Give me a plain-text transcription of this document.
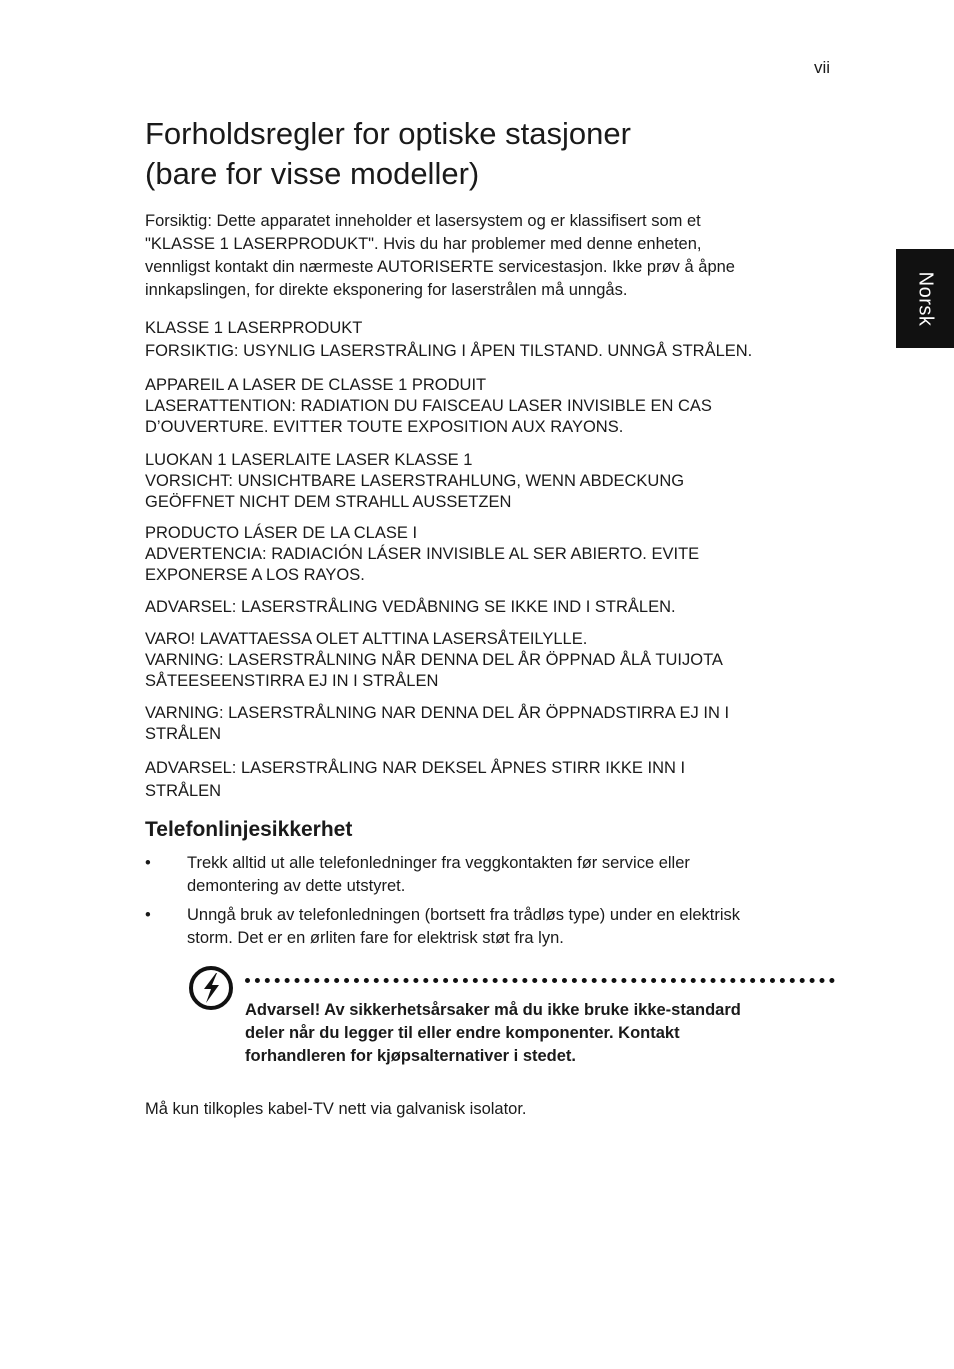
vii
Norsk
Forholdsregler for optiske stasjoner
(bare for visse modeller)

Forsiktig: Dette apparatet inneholder et lasersystem og er klassifisert som et
"KLASSE 1 LASERPRODUKT". Hvis du har problemer med denne enheten,
vennligst kontakt din nærmeste AUTORISERTE servicestasjon. Ikke prøv å åpne
innkapslingen, for direkte eksponering for laserstrålen må unngås.

KLASSE 1 LASERPRODUKT
FORSIKTIG: USYNLIG LASERSTRÅLING I ÅPEN TILSTAND. UNNGÅ STRÅLEN.

APPAREIL A LASER DE CLASSE 1 PRODUIT
LASERATTENTION: RADIATION DU FAISCEAU LASER INVISIBLE EN CAS
D’OUVERTURE. EVITTER TOUTE EXPOSITION AUX RAYONS.

LUOKAN 1 LASERLAITE LASER KLASSE 1
VORSICHT: UNSICHTBARE LASERSTRAHLUNG, WENN ABDECKUNG
GEÖFFNET NICHT DEM STRAHLL AUSSETZEN

PRODUCTO LÁSER DE LA CLASE I
ADVERTENCIA: RADIACIÓN LÁSER INVISIBLE AL SER ABIERTO. EVITE
EXPONERSE A LOS RAYOS.

ADVARSEL: LASERSTRÅLING VEDÅBNING SE IKKE IND I STRÅLEN.

VARO! LAVATTAESSA OLET ALTTINA LASERSÅTEILYLLE.
VARNING: LASERSTRÅLNING NÅR DENNA DEL ÅR ÖPPNAD ÅLÅ TUIJOTA
SÅTEESEENSTIRRA EJ IN I STRÅLEN

VARNING: LASERSTRÅLNING NAR DENNA DEL ÅR ÖPPNADSTIRRA EJ IN I
STRÅLEN

ADVARSEL: LASERSTRÅLING NAR DEKSEL ÅPNES STIRR IKKE INN I
STRÅLEN

Telefonlinjesikkerhet
• Trekk alltid ut alle telefonledninger fra veggkontakten før service eller
demontering av dette utstyret.
• Unngå bruk av telefonledningen (bortsett fra trådløs type) under en elektrisk
storm. Det er en ørliten fare for elektrisk støt fra lyn.
Advarsel! Av sikkerhetsårsaker må du ikke bruke ikke-standard
deler når du legger til eller endre komponenter. Kontakt
forhandleren for kjøpsalternativer i stedet.

Må kun tilkoples kabel-TV nett via galvanisk isolator.
